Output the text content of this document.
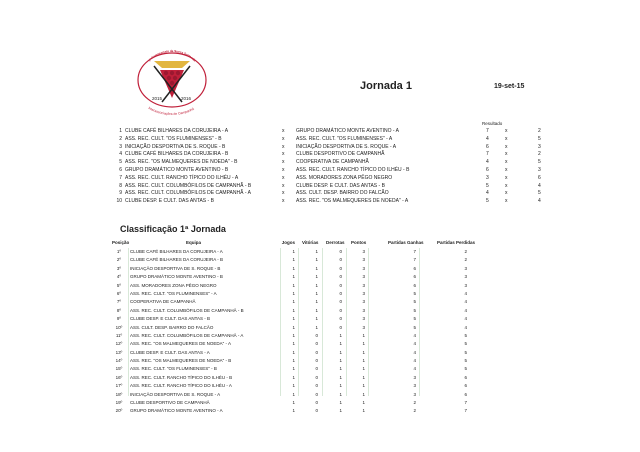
1º Campeonato da Sueca Sorteada
2015	2016
Interassociações de Campanhã
Jornada 1	19-set-15
Resultado
1 CLUBE CAFÉ BILHARES DA CORUJEIRA - A	x GRUPO DRAMÁTICO MONTE AVENTINO - A	7	x	2
2 ASS. REC. CULT. "OS FLUMINENSES" - B	x ASS. REC. CULT. "OS FLUMINENSES" - A	4	x	5
3 INICIAÇÃO DESPORTIVA DE S. ROQUE - B	x INICIAÇÃO DESPORTIVA DE S. ROQUE - A	6	x	3
4 CLUBE CAFÉ BILHARES DA CORUJEIRA - B	x CLUBE DESPORTIVO DE CAMPANHÃ	7	x	2
5 ASS. REC. "OS MALMEQUERES DE NOEDA" - B	x COOPERATIVA DE CAMPANHÃ	4	x	5
6 GRUPO DRAMÁTICO MONTE AVENTINO - B	x ASS. REC. CULT. RANCHO TÍPICO DO ILHÉU - B	6	x	3
7 ASS. REC. CULT. RANCHO TÍPICO DO ILHÉU - A	x ASS. MORADORES ZONA PÊGO NEGRO	3	x	6
8 ASS. REC. CULT. COLUMBÓFILOS DE CAMPANHÃ - B	x CLUBE DESP. E CULT. DAS ANTAS - B	5	x	4
9 ASS. REC. CULT. COLUMBÓFILOS DE CAMPANHÃ - A	x ASS. CULT. DESP. BAIRRO DO FALCÃO	4	x	5
10 CLUBE DESP. E CULT. DAS ANTAS - B	x ASS. REC. "OS MALMEQUERES DE NOEDA" - A	5	x	4
Classificação 1ª Jornada
Posição	Equipa	Jogos Vitórias Derrotas Pontos	Partidas Ganhas	Partidas Perdidas
1º	CLUBE CAFÉ BILHARES DA CORUJEIRA - A	1	1	0	3	7	2
2º	CLUBE CAFÉ BILHARES DA CORUJEIRA - B	1	1	0	3	7	2
3º	INICIAÇÃO DESPORTIVA DE S. ROQUE - B	1	1	0	3	6	3
4º	GRUPO DRAMÁTICO MONTE AVENTINO - B	1	1	0	3	6	3
5º	ASS. MORADORES ZONA PÊGO NEGRO	1	1	0	3	6	3
6º	ASS. REC. CULT. "OS FLUMINENSES" - A	1	1	0	3	5	4
7º	COOPERATIVA DE CAMPANHÃ	1	1	0	3	5	4
8º	ASS. REC. CULT. COLUMBÓFILOS DE CAMPANHÃ - B	1	1	0	3	5	4
9º	CLUBE DESP. E CULT. DAS ANTAS - B	1	1	0	3	5	4
10º	ASS. CULT. DESP. BAIRRO DO FALCÃO	1	1	0	3	5	4
11º	ASS. REC. CULT. COLUMBÓFILOS DE CAMPANHÃ - A	1	0	1	1	4	5
12º	ASS. REC. "OS MALMEQUERES DE NOEDA" - A	1	0	1	1	4	5
13º	CLUBE DESP. E CULT. DAS ANTAS - A	1	0	1	1	4	5
14º	ASS. REC. "OS MALMEQUERES DE NOEDA" - B	1	0	1	1	4	5
15º	ASS. REC. CULT. "OS FLUMINENSES" - B	1	0	1	1	4	5
16º	ASS. REC. CULT. RANCHO TÍPICO DO ILHÉU - B	1	0	1	1	3	6
17º	ASS. REC. CULT. RANCHO TÍPICO DO ILHÉU - A	1	0	1	1	3	6
18º	INICIAÇÃO DESPORTIVA DE S. ROQUE - A	1	0	1	1	3	6
19º	CLUBE DESPORTIVO DE CAMPANHÃ	1	0	1	1	2	7
20º	GRUPO DRAMÁTICO MONTE AVENTINO - A	1	0	1	1	2	7
